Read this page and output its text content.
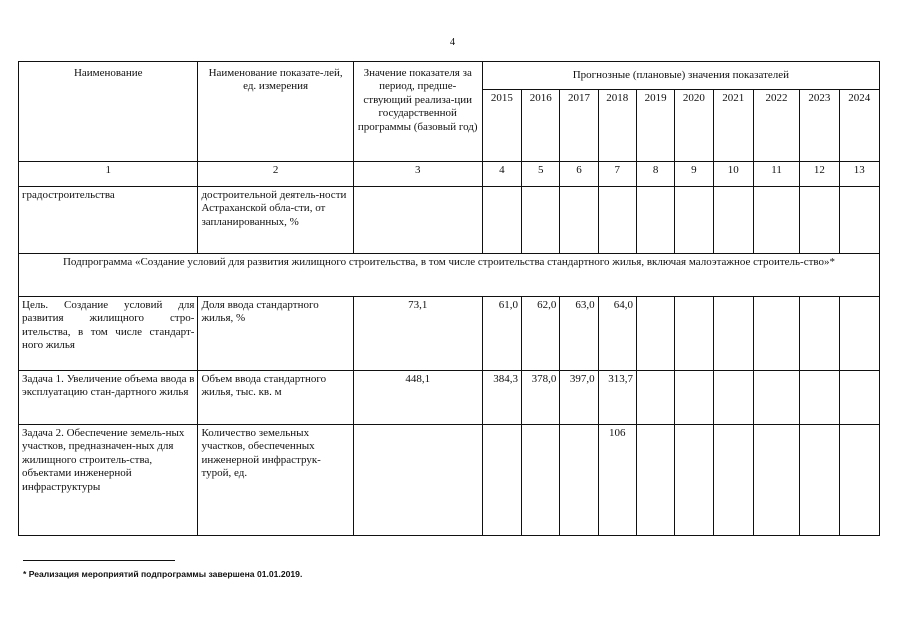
4
Наименование	Наименование показате-лей, ед. измерения	Значение показателя за период, предше-ствующий реализа-ции государственной программы (базовый год)	Прогнозные (плановые) значения показателей									
			2015	2016	2017	2018	2019	2020	2021	2022	2023	2024
1	2	3	4	5	6	7	8	9	10	11	12	13
градостроительства	достроительной деятель-ности Астраханской обла-сти, от запланированных, %											
Подпрограмма «Создание условий для развития жилищного строительства, в том числе строительства стандартного жилья, включая малоэтажное строитель-ство»*												
Цель. Создание условий для развития жилищного стро-ительства, в том числе стандарт-ного жилья	Доля ввода стандартного жилья, %	73,1	61,0	62,0	63,0	64,0						
Задача 1. Увеличение объема ввода в эксплуатацию стан-дартного жилья	Объем ввода стандартного жилья, тыс. кв. м	448,1	384,3	378,0	397,0	313,7						
Задача 2. Обеспечение земель-ных участков, предназначен-ных для жилищного строитель-ства, объектами инженерной инфраструктуры	Количество земельных участков, обеспеченных инженерной инфраструк-турой, ед.					106						
* Реализация мероприятий подпрограммы завершена 01.01.2019.
